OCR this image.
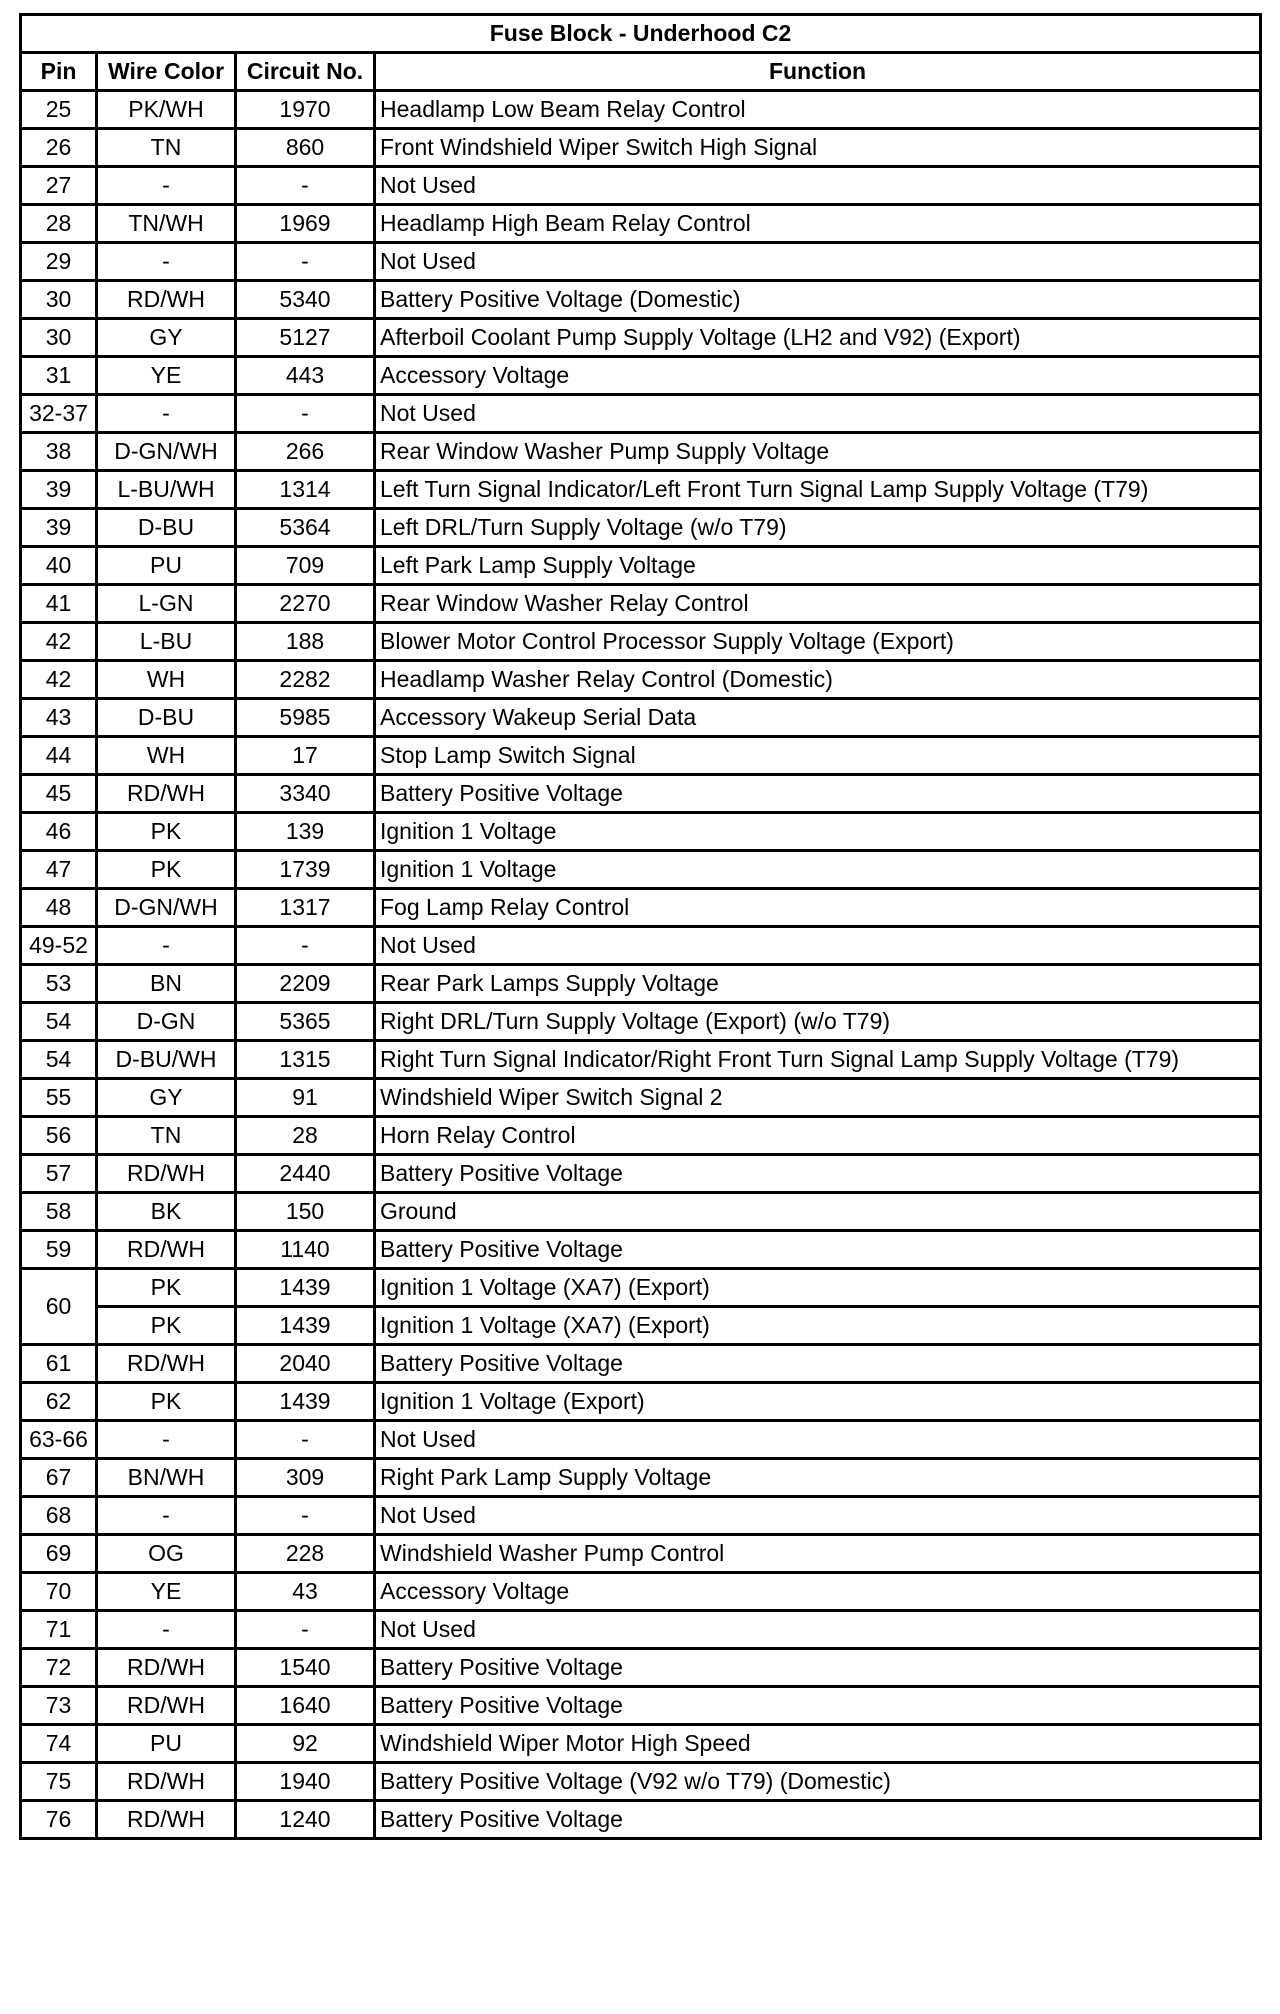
Fuse Block - Underhood C2			
Pin	Wire Color	Circuit No.	Function
25	PK/WH	1970	Headlamp Low Beam Relay Control
26	TN	860	Front Windshield Wiper Switch High Signal
27	-	-	Not Used
28	TN/WH	1969	Headlamp High Beam Relay Control
29	-	-	Not Used
30	RD/WH	5340	Battery Positive Voltage (Domestic)
30	GY	5127	Afterboil Coolant Pump Supply Voltage (LH2 and V92) (Export)
31	YE	443	Accessory Voltage
32-37	-	-	Not Used
38	D-GN/WH	266	Rear Window Washer Pump Supply Voltage
39	L-BU/WH	1314	Left Turn Signal Indicator/Left Front Turn Signal Lamp Supply Voltage (T79)
39	D-BU	5364	Left DRL/Turn Supply Voltage (w/o T79)
40	PU	709	Left Park Lamp Supply Voltage
41	L-GN	2270	Rear Window Washer Relay Control
42	L-BU	188	Blower Motor Control Processor Supply Voltage (Export)
42	WH	2282	Headlamp Washer Relay Control (Domestic)
43	D-BU	5985	Accessory Wakeup Serial Data
44	WH	17	Stop Lamp Switch Signal
45	RD/WH	3340	Battery Positive Voltage
46	PK	139	Ignition 1 Voltage
47	PK	1739	Ignition 1 Voltage
48	D-GN/WH	1317	Fog Lamp Relay Control
49-52	-	-	Not Used
53	BN	2209	Rear Park Lamps Supply Voltage
54	D-GN	5365	Right DRL/Turn Supply Voltage (Export) (w/o T79)
54	D-BU/WH	1315	Right Turn Signal Indicator/Right Front Turn Signal Lamp Supply Voltage (T79)
55	GY	91	Windshield Wiper Switch Signal 2
56	TN	28	Horn Relay Control
57	RD/WH	2440	Battery Positive Voltage
58	BK	150	Ground
59	RD/WH	1140	Battery Positive Voltage
60	PK	1439	Ignition 1 Voltage (XA7) (Export)
	PK	1439	Ignition 1 Voltage (XA7) (Export)
61	RD/WH	2040	Battery Positive Voltage
62	PK	1439	Ignition 1 Voltage (Export)
63-66	-	-	Not Used
67	BN/WH	309	Right Park Lamp Supply Voltage
68	-	-	Not Used
69	OG	228	Windshield Washer Pump Control
70	YE	43	Accessory Voltage
71	-	-	Not Used
72	RD/WH	1540	Battery Positive Voltage
73	RD/WH	1640	Battery Positive Voltage
74	PU	92	Windshield Wiper Motor High Speed
75	RD/WH	1940	Battery Positive Voltage (V92 w/o T79) (Domestic)
76	RD/WH	1240	Battery Positive Voltage
